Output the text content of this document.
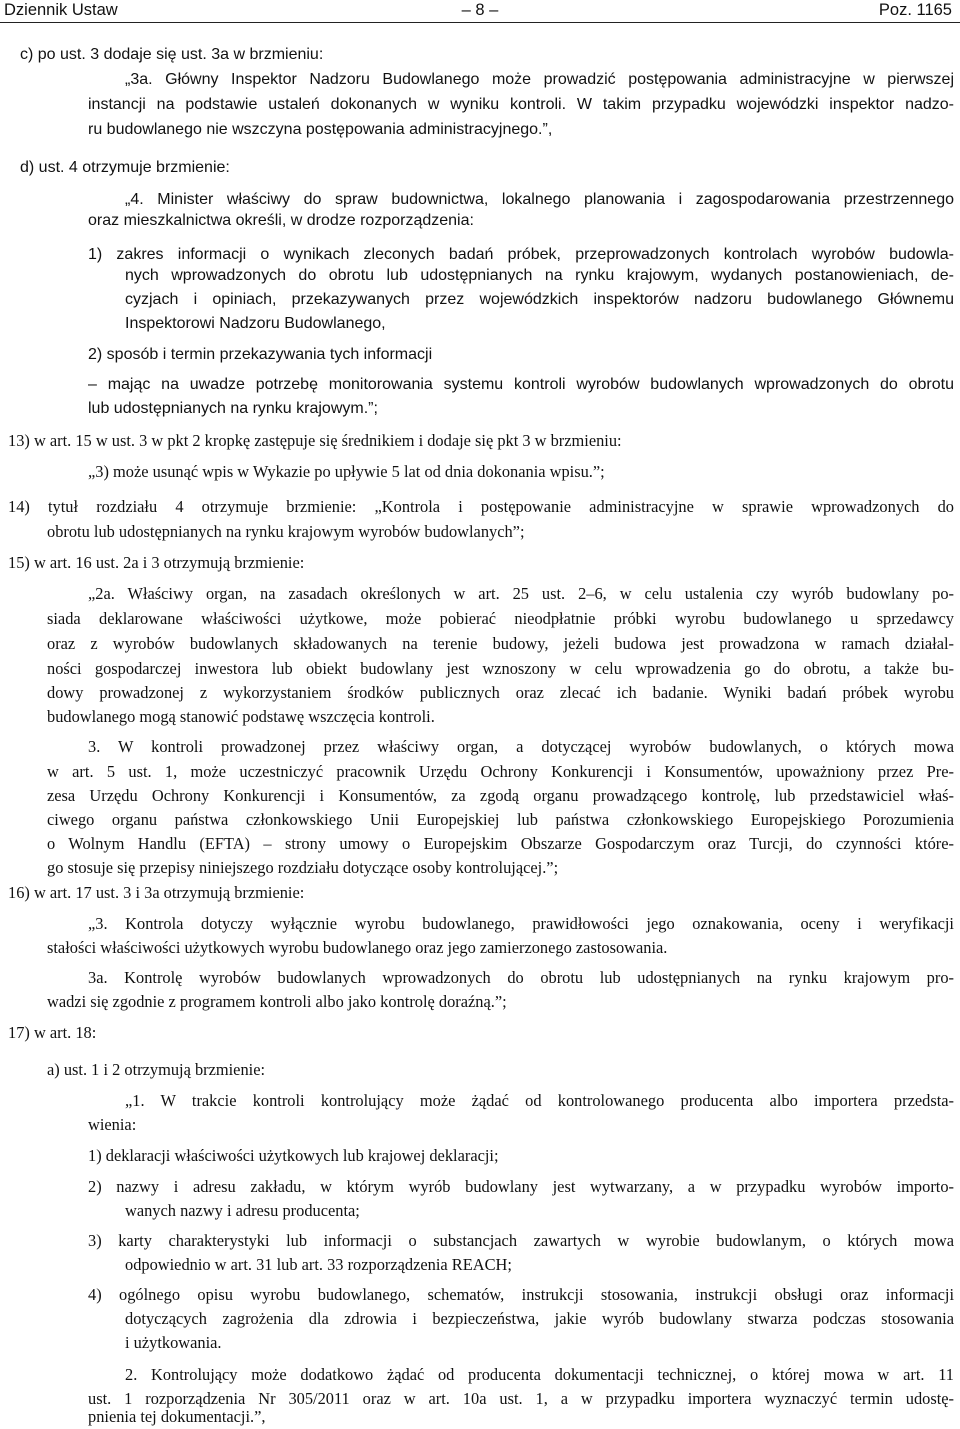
Dziennik Ustaw	– 8 –	Poz. 1165
c) po ust. 3 dodaje się ust. 3a w brzmieniu:
„3a. Główny Inspektor Nadzoru Budowlanego może prowadzić postępowania administracyjne w pierwszej
instancji na podstawie ustaleń dokonanych w wyniku kontroli. W takim przypadku wojewódzki inspektor nadzo-
ru budowlanego nie wszczyna postępowania administracyjnego.”,
d) ust. 4 otrzymuje brzmienie:
„4. Minister właściwy do spraw budownictwa, lokalnego planowania i zagospodarowania przestrzennego
oraz mieszkalnictwa określi, w drodze rozporządzenia:
1) zakres informacji o wynikach zleconych badań próbek, przeprowadzonych kontrolach wyrobów budowla-
nych wprowadzonych do obrotu lub udostępnianych na rynku krajowym, wydanych postanowieniach, de-
cyzjach i opiniach, przekazywanych przez wojewódzkich inspektorów nadzoru budowlanego Głównemu
Inspektorowi Nadzoru Budowlanego,
2) sposób i termin przekazywania tych informacji
– mając na uwadze potrzebę monitorowania systemu kontroli wyrobów budowlanych wprowadzonych do obrotu
lub udostępnianych na rynku krajowym.”;
13) w art. 15 w ust. 3 w pkt 2 kropkę zastępuje się średnikiem i dodaje się pkt 3 w brzmieniu:
„3) może usunąć wpis w Wykazie po upływie 5 lat od dnia dokonania wpisu.”;
14) tytuł rozdziału 4 otrzymuje brzmienie: „Kontrola i postępowanie administracyjne w sprawie wprowadzonych do
obrotu lub udostępnianych na rynku krajowym wyrobów budowlanych”;
15) w art. 16 ust. 2a i 3 otrzymują brzmienie:
„2a. Właściwy organ, na zasadach określonych w art. 25 ust. 2–6, w celu ustalenia czy wyrób budowlany po-
siada deklarowane właściwości użytkowe, może pobierać nieodpłatnie próbki wyrobu budowlanego u sprzedawcy
oraz z wyrobów budowlanych składowanych na terenie budowy, jeżeli budowa jest prowadzona w ramach działal-
ności gospodarczej inwestora lub obiekt budowlany jest wznoszony w celu wprowadzenia go do obrotu, a także bu-
dowy prowadzonej z wykorzystaniem środków publicznych oraz zlecać ich badanie. Wyniki badań próbek wyrobu
budowlanego mogą stanowić podstawę wszczęcia kontroli.
3. W kontroli prowadzonej przez właściwy organ, a dotyczącej wyrobów budowlanych, o których mowa
w art. 5 ust. 1, może uczestniczyć pracownik Urzędu Ochrony Konkurencji i Konsumentów, upoważniony przez Pre-
zesa Urzędu Ochrony Konkurencji i Konsumentów, za zgodą organu prowadzącego kontrolę, lub przedstawiciel właś-
ciwego organu państwa członkowskiego Unii Europejskiej lub państwa członkowskiego Europejskiego Porozumienia
o Wolnym Handlu (EFTA) – strony umowy o Europejskim Obszarze Gospodarczym oraz Turcji, do czynności które-
go stosuje się przepisy niniejszego rozdziału dotyczące osoby kontrolującej.”;
16) w art. 17 ust. 3 i 3a otrzymują brzmienie:
„3. Kontrola dotyczy wyłącznie wyrobu budowlanego, prawidłowości jego oznakowania, oceny i weryfikacji
stałości właściwości użytkowych wyrobu budowlanego oraz jego zamierzonego zastosowania.
3a. Kontrolę wyrobów budowlanych wprowadzonych do obrotu lub udostępnianych na rynku krajowym pro-
wadzi się zgodnie z programem kontroli albo jako kontrolę doraźną.”;
17) w art. 18:
a) ust. 1 i 2 otrzymują brzmienie:
„1. W trakcie kontroli kontrolujący może żądać od kontrolowanego producenta albo importera przedsta-
wienia:
1) deklaracji właściwości użytkowych lub krajowej deklaracji;
2) nazwy i adresu zakładu, w którym wyrób budowlany jest wytwarzany, a w przypadku wyrobów importo-
wanych nazwy i adresu producenta;
3) karty charakterystyki lub informacji o substancjach zawartych w wyrobie budowlanym, o których mowa
odpowiednio w art. 31 lub art. 33 rozporządzenia REACH;
4) ogólnego opisu wyrobu budowlanego, schematów, instrukcji stosowania, instrukcji obsługi oraz informacji
dotyczących zagrożenia dla zdrowia i bezpieczeństwa, jakie wyrób budowlany stwarza podczas stosowania
i użytkowania.
2. Kontrolujący może dodatkowo żądać od producenta dokumentacji technicznej, o której mowa w art. 11
ust. 1 rozporządzenia Nr 305/2011 oraz w art. 10a ust. 1, a w przypadku importera wyznaczyć termin udostę-
pnienia tej dokumentacji.”,
